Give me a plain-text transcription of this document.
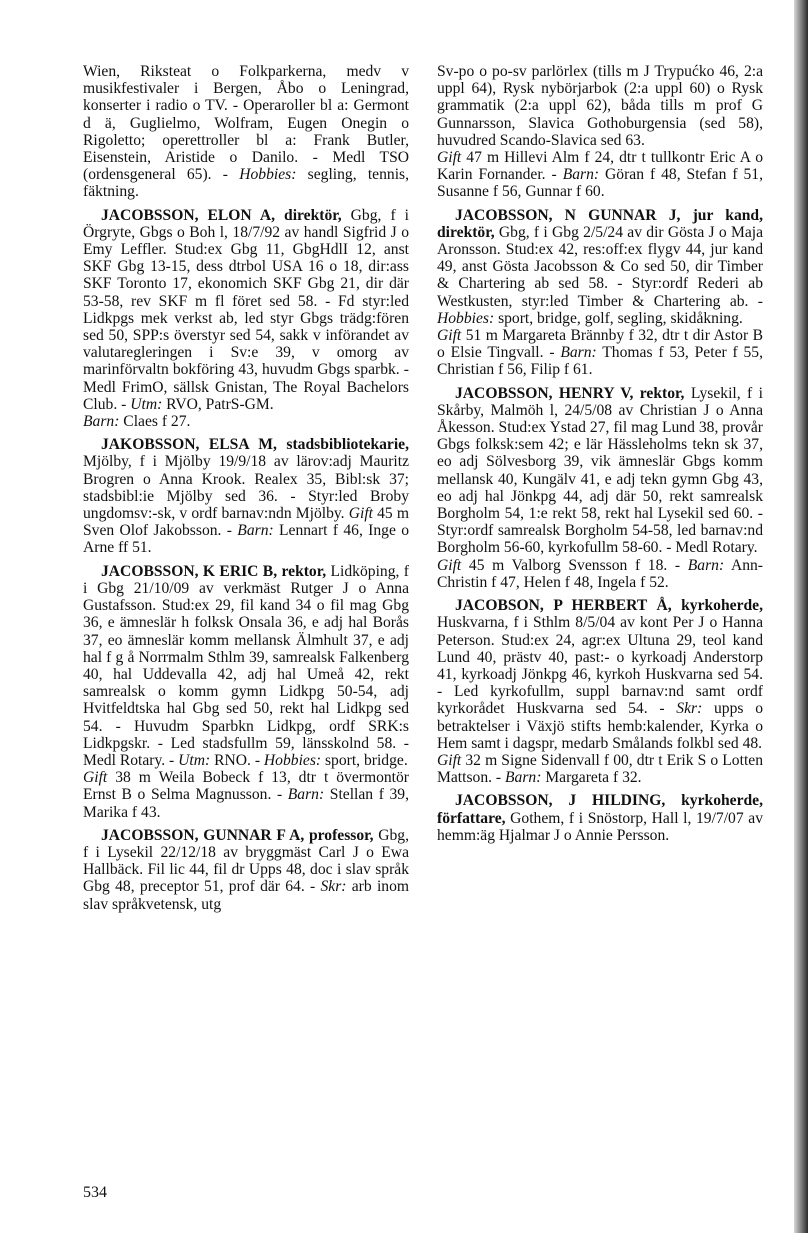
Wien, Riksteat o Folkparkerna, medv v musikfestivaler i Bergen, Åbo o Leningrad, konserter i radio o TV. - Operaroller bl a: Germont d ä, Guglielmo, Wolfram, Eugen Onegin o Rigoletto; operettroller bl a: Frank Butler, Eisenstein, Aristide o Danilo. - Medl TSO (ordensgeneral 65). - Hobbies: segling, tennis, fäktning.

JACOBSSON, ELON A, direktör, Gbg, f i Örgryte, Gbgs o Boh l, 18/7/92 av handl Sigfrid J o Emy Leffler. Stud:ex Gbg 11, GbgHdlI 12, anst SKF Gbg 13-15, dess dtrbol USA 16 o 18, dir:ass SKF Toronto 17, ekonomich SKF Gbg 21, dir där 53-58, rev SKF m fl föret sed 58. - Fd styr:led Lidkpgs mek verkst ab, led styr Gbgs trädg:fören sed 50, SPP:s överstyr sed 54, sakk v införandet av valutaregleringen i Sv:e 39, v omorg av marinförvaltn bokföring 43, huvudm Gbgs sparbk. - Medl FrimO, sällsk Gnistan, The Royal Bachelors Club. - Utm: RVO, PatrS-GM.
Barn: Claes f 27.

JAKOBSSON, ELSA M, stadsbibliotekarie, Mjölby, f i Mjölby 19/9/18 av lärov:adj Mauritz Brogren o Anna Krook. Realex 35, Bibl:sk 37; stadsbibl:ie Mjölby sed 36. - Styr:led Broby ungdomsv:-sk, v ordf barnav:ndn Mjölby. Gift 45 m Sven Olof Jakobsson. - Barn: Lennart f 46, Inge o Arne ff 51.

JACOBSSON, K ERIC B, rektor, Lidköping, f i Gbg 21/10/09 av verkmäst Rutger J o Anna Gustafsson. Stud:ex 29, fil kand 34 o fil mag Gbg 36, e ämneslär h folksk Onsala 36, e adj hal Borås 37, eo ämneslär komm mellansk Älmhult 37, e adj hal f g å Norrmalm Sthlm 39, samrealsk Falkenberg 40, hal Uddevalla 42, adj hal Umeå 42, rekt samrealsk o komm gymn Lidkpg 50-54, adj Hvitfeldtska hal Gbg sed 50, rekt hal Lidkpg sed 54. - Huvudm Sparbkn Lidkpg, ordf SRK:s Lidkpgskr. - Led stadsfullm 59, länsskolnd 58. - Medl Rotary. - Utm: RNO. - Hobbies: sport, bridge.
Gift 38 m Weila Bobeck f 13, dtr t övermontör Ernst B o Selma Magnusson. - Barn: Stellan f 39, Marika f 43.

JACOBSSON, GUNNAR F A, professor, Gbg, f i Lysekil 22/12/18 av bryggmäst Carl J o Ewa Hallbäck. Fil lic 44, fil dr Upps 48, doc i slav språk Gbg 48, preceptor 51, prof där 64. - Skr: arb inom slav språkvetensk, utg

Sv-po o po-sv parlörlex (tills m J Trypućko 46, 2:a uppl 64), Rysk nybörjarbok (2:a uppl 60) o Rysk grammatik (2:a uppl 62), båda tills m prof G Gunnarsson, Slavica Gothoburgensia (sed 58), huvudred Scando-Slavica sed 63.
Gift 47 m Hillevi Alm f 24, dtr t tullkontr Eric A o Karin Fornander. - Barn: Göran f 48, Stefan f 51, Susanne f 56, Gunnar f 60.

JACOBSSON, N GUNNAR J, jur kand, direktör, Gbg, f i Gbg 2/5/24 av dir Gösta J o Maja Aronsson. Stud:ex 42, res:off:ex flygv 44, jur kand 49, anst Gösta Jacobsson & Co sed 50, dir Timber & Chartering ab sed 58. - Styr:ordf Rederi ab Westkusten, styr:led Timber & Chartering ab. - Hobbies: sport, bridge, golf, segling, skidåkning.
Gift 51 m Margareta Brännby f 32, dtr t dir Astor B o Elsie Tingvall. - Barn: Thomas f 53, Peter f 55, Christian f 56, Filip f 61.

JACOBSSON, HENRY V, rektor, Lysekil, f i Skårby, Malmöh l, 24/5/08 av Christian J o Anna Åkesson. Stud:ex Ystad 27, fil mag Lund 38, provår Gbgs folksk:sem 42; e lär Hässleholms tekn sk 37, eo adj Sölvesborg 39, vik ämneslär Gbgs komm mellansk 40, Kungälv 41, e adj tekn gymn Gbg 43, eo adj hal Jönkpg 44, adj där 50, rekt samrealsk Borgholm 54, 1:e rekt 58, rekt hal Lysekil sed 60. - Styr:ordf samrealsk Borgholm 54-58, led barnav:nd Borgholm 56-60, kyrkofullm 58-60. - Medl Rotary.
Gift 45 m Valborg Svensson f 18. - Barn: Ann-Christin f 47, Helen f 48, Ingela f 52.

JACOBSON, P HERBERT Å, kyrkoherde, Huskvarna, f i Sthlm 8/5/04 av kont Per J o Hanna Peterson. Stud:ex 24, agr:ex Ultuna 29, teol kand Lund 40, prästv 40, past:- o kyrkoadj Anderstorp 41, kyrkoadj Jönkpg 46, kyrkoh Huskvarna sed 54. - Led kyrkofullm, suppl barnav:nd samt ordf kyrkorådet Huskvarna sed 54. - Skr: upps o betraktelser i Växjö stifts hemb:kalender, Kyrka o Hem samt i dagspr, medarb Smålands folkbl sed 48.
Gift 32 m Signe Sidenvall f 00, dtr t Erik S o Lotten Mattson. - Barn: Margareta f 32.

JACOBSSON, J HILDING, kyrkoherde, författare, Gothem, f i Snöstorp, Hall l, 19/7/07 av hemm:äg Hjalmar J o Annie Persson.

534
